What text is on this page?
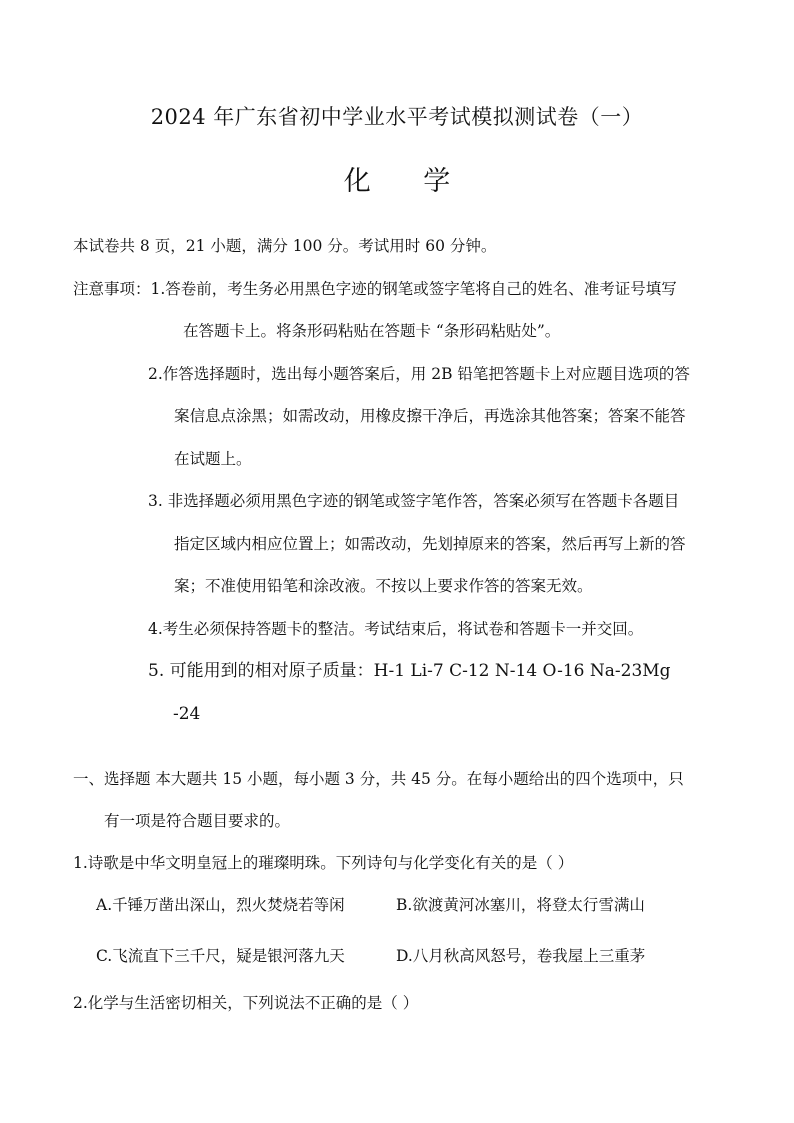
2024 年广东省初中学业水平考试模拟测试卷（一）
化 学
本试卷共 8 页，21 小题，满分 100 分。考试用时 60 分钟。
注意事项：1.答卷前，考生务必用黑色字迹的钢笔或签字笔将自己的姓名、准考证号填写
在答题卡上。将条形码粘贴在答题卡 “条形码粘贴处”。
2.作答选择题时，选出每小题答案后，用 2B 铅笔把答题卡上对应题目选项的答
案信息点涂黑；如需改动，用橡皮擦干净后，再选涂其他答案；答案不能答
在试题上。
3. 非选择题必须用黑色字迹的钢笔或签字笔作答，答案必须写在答题卡各题目
指定区域内相应位置上；如需改动，先划掉原来的答案，然后再写上新的答
案；不准使用铅笔和涂改液。不按以上要求作答的答案无效。
4.考生必须保持答题卡的整洁。考试结束后，将试卷和答题卡一并交回。
5. 可能用到的相对原子质量：H-1 Li-7 C-12 N-14 O-16 Na-23Mg
-24
一、选择题 本大题共 15 小题，每小题 3 分，共 45 分。在每小题给出的四个选项中，只
有一项是符合题目要求的。
1.诗歌是中华文明皇冠上的璀璨明珠。下列诗句与化学变化有关的是（ ）
A.千锤万凿出深山，烈火焚烧若等闲	B.欲渡黄河冰塞川，将登太行雪满山
C.飞流直下三千尺，疑是银河落九天	D.八月秋高风怒号，卷我屋上三重茅
2.化学与生活密切相关，下列说法不正确的是（ ）
